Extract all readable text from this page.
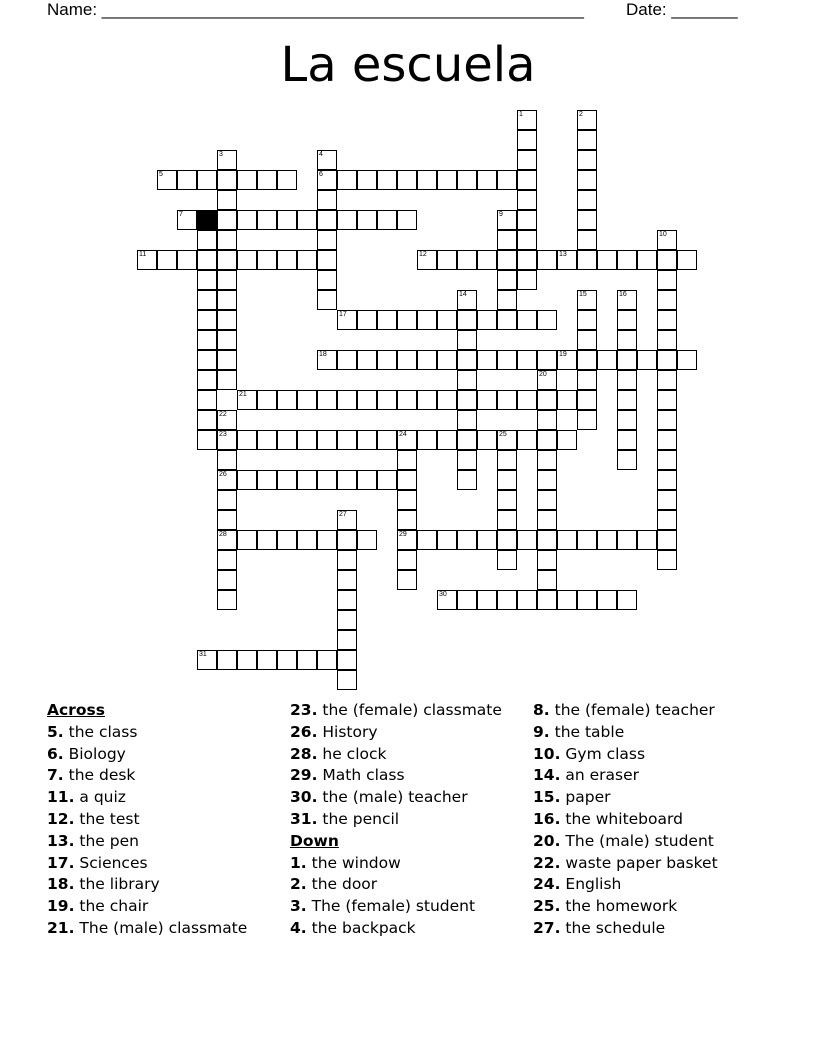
Name: ___________________________________________________ Date: _______
La escuela
1	2
3	4
6
5
7 8	9
10
11	12	13
14	15	16
17
18	19
20
21
22
23
26
28
24	25
29
27
30
31
Across
5. the class
6. Biology
7. the desk
11. a quiz
12. the test
13. the pen
17. Sciences
18. the library
19. the chair
21. The (male) classmate
23. the (female) classmate
26. History
28. he clock
29. Math class
30. the (male) teacher
31. the pencil
Down
1. the window
2. the door
3. The (female) student
4. the backpack
8. the (female) teacher
9. the table
10. Gym class
14. an eraser
15. paper
16. the whiteboard
20. The (male) student
22. waste paper basket
24. English
25. the homework
27. the schedule
